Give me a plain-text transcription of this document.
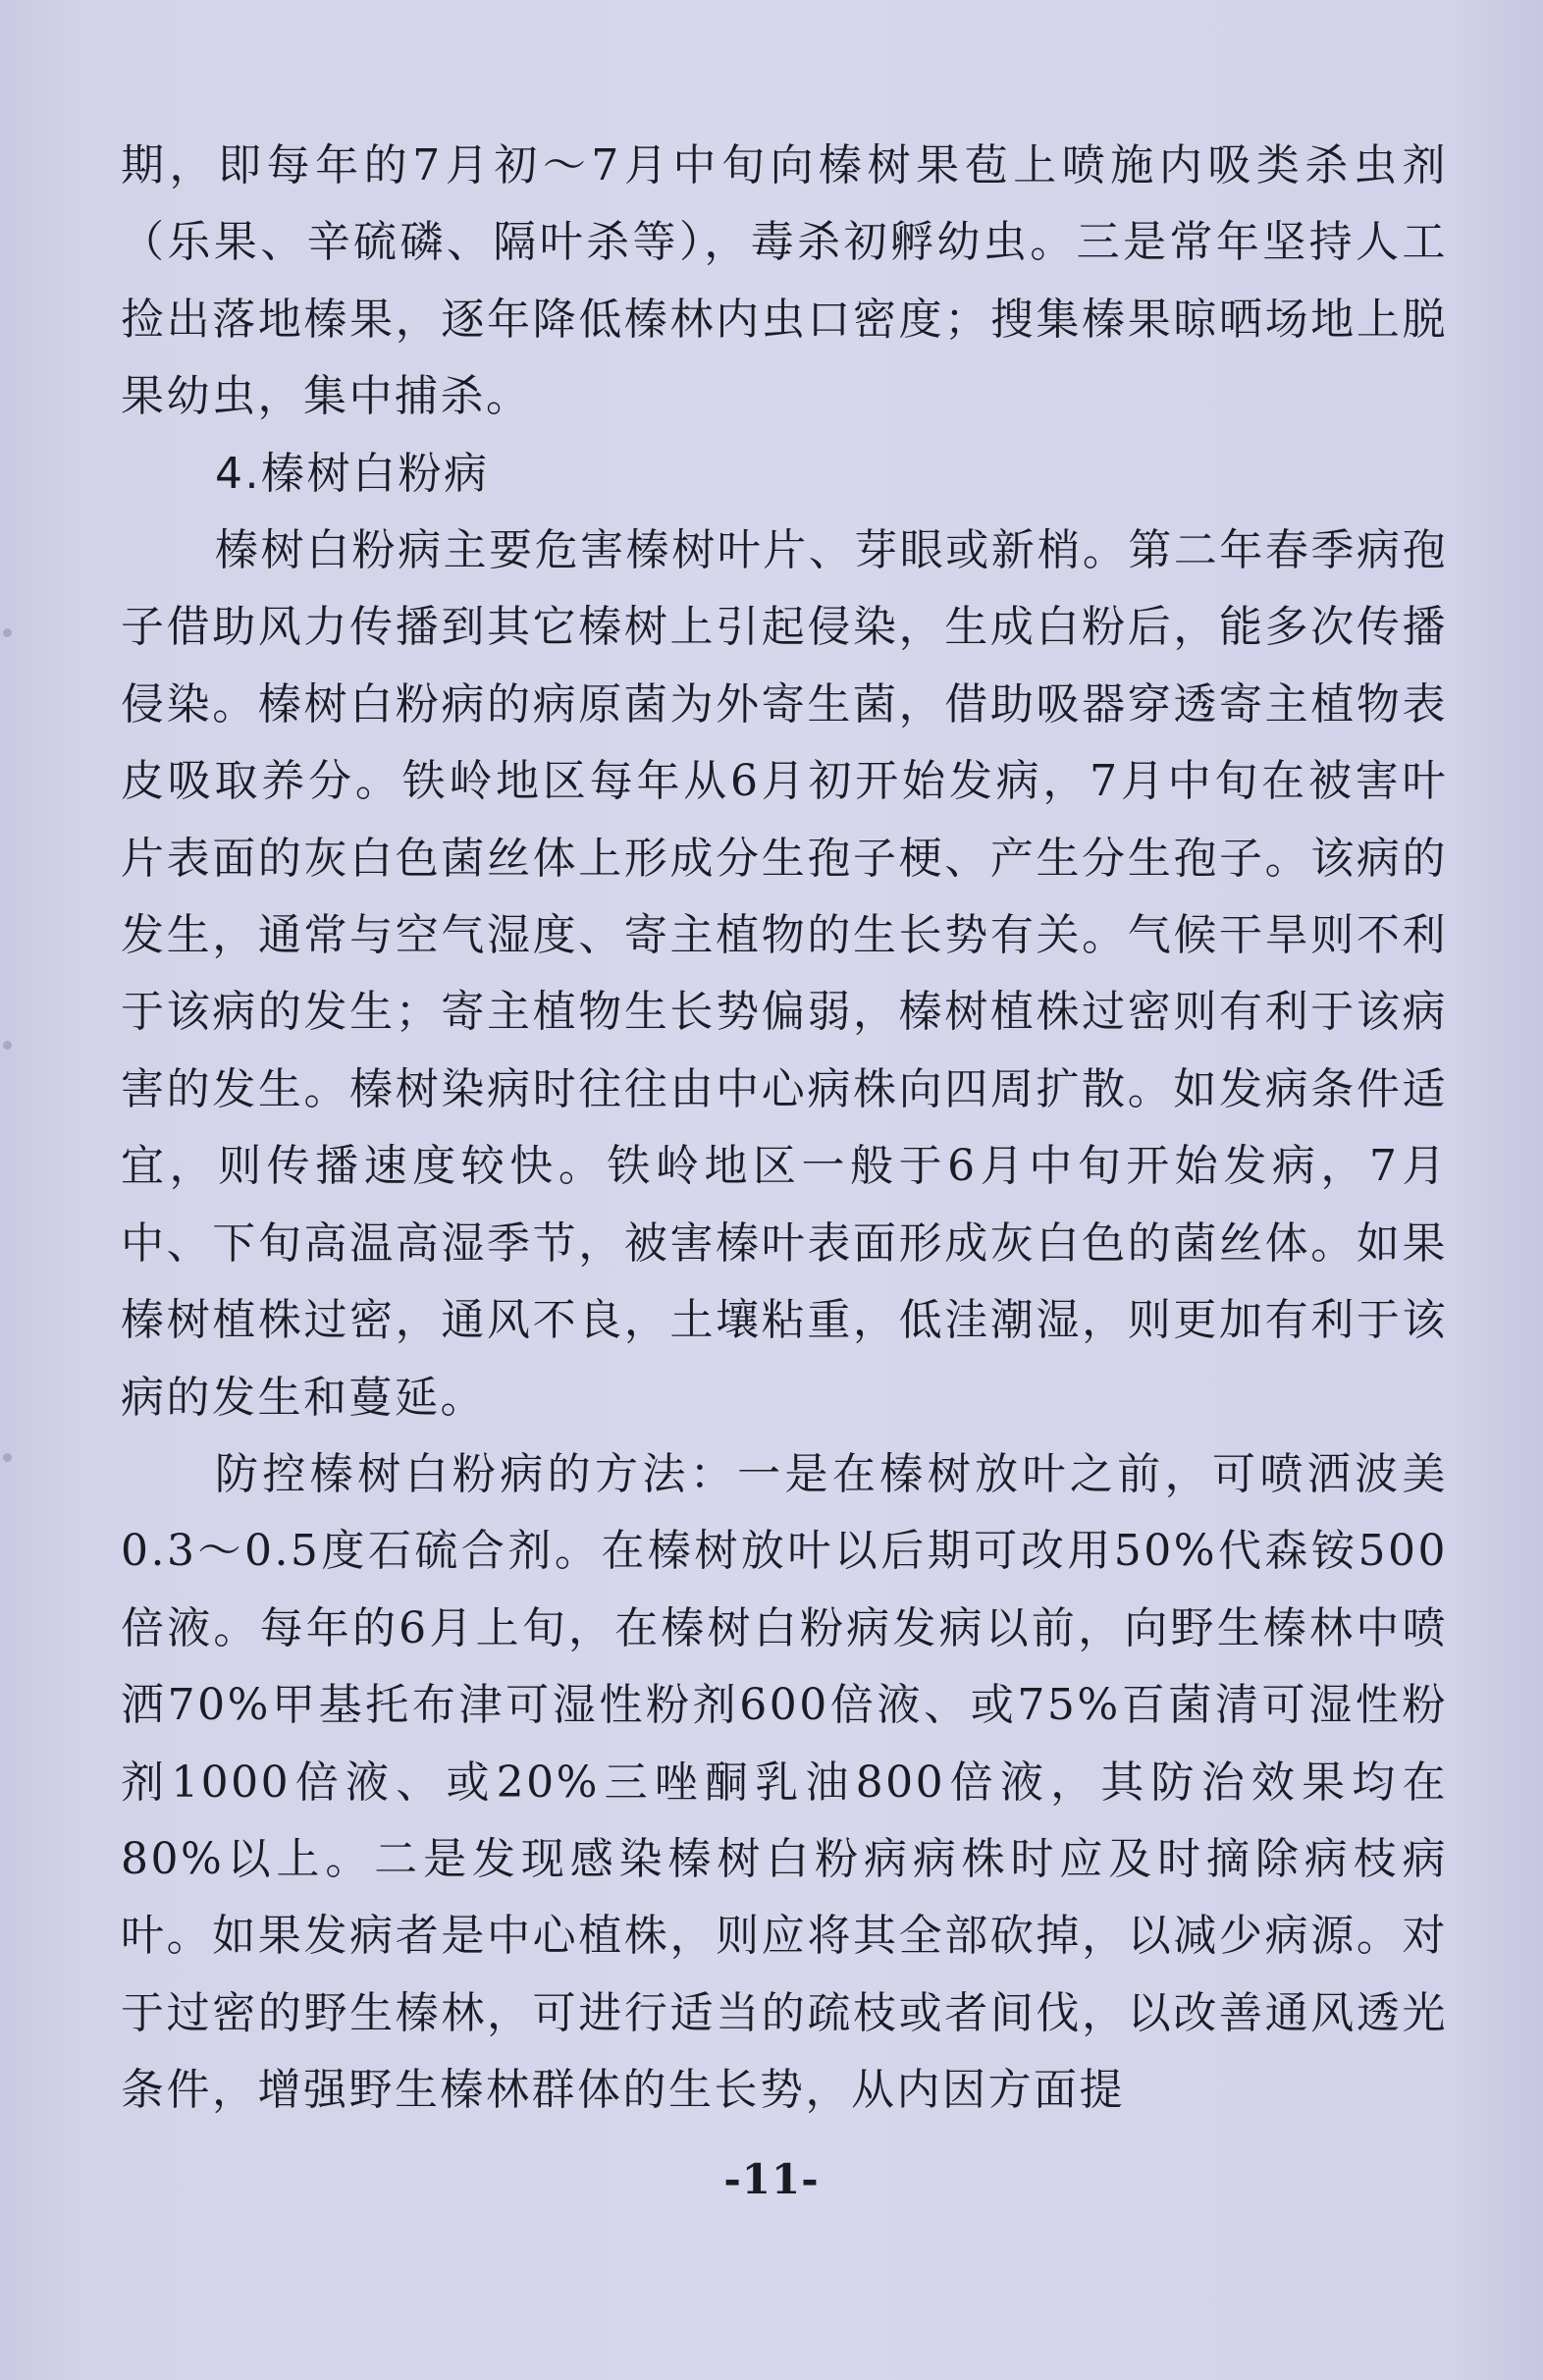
期，即每年的7月初～7月中旬向榛树果苞上喷施内吸类杀虫剂（乐果、辛硫磷、隔叶杀等），毒杀初孵幼虫。三是常年坚持人工捡出落地榛果，逐年降低榛林内虫口密度；搜集榛果晾晒场地上脱果幼虫，集中捕杀。

4.榛树白粉病

榛树白粉病主要危害榛树叶片、芽眼或新梢。第二年春季病孢子借助风力传播到其它榛树上引起侵染，生成白粉后，能多次传播侵染。榛树白粉病的病原菌为外寄生菌，借助吸器穿透寄主植物表皮吸取养分。铁岭地区每年从6月初开始发病，7月中旬在被害叶片表面的灰白色菌丝体上形成分生孢子梗、产生分生孢子。该病的发生，通常与空气湿度、寄主植物的生长势有关。气候干旱则不利于该病的发生；寄主植物生长势偏弱，榛树植株过密则有利于该病害的发生。榛树染病时往往由中心病株向四周扩散。如发病条件适宜，则传播速度较快。铁岭地区一般于6月中旬开始发病，7月中、下旬高温高湿季节，被害榛叶表面形成灰白色的菌丝体。如果榛树植株过密，通风不良，土壤粘重，低洼潮湿，则更加有利于该病的发生和蔓延。

防控榛树白粉病的方法：一是在榛树放叶之前，可喷洒波美0.3～0.5度石硫合剂。在榛树放叶以后期可改用50%代森铵500倍液。每年的6月上旬，在榛树白粉病发病以前，向野生榛林中喷洒70%甲基托布津可湿性粉剂600倍液、或75%百菌清可湿性粉剂1000倍液、或20%三唑酮乳油800倍液，其防治效果均在80%以上。二是发现感染榛树白粉病病株时应及时摘除病枝病叶。如果发病者是中心植株，则应将其全部砍掉，以减少病源。对于过密的野生榛林，可进行适当的疏枝或者间伐，以改善通风透光条件，增强野生榛林群体的生长势，从内因方面提

-11-
